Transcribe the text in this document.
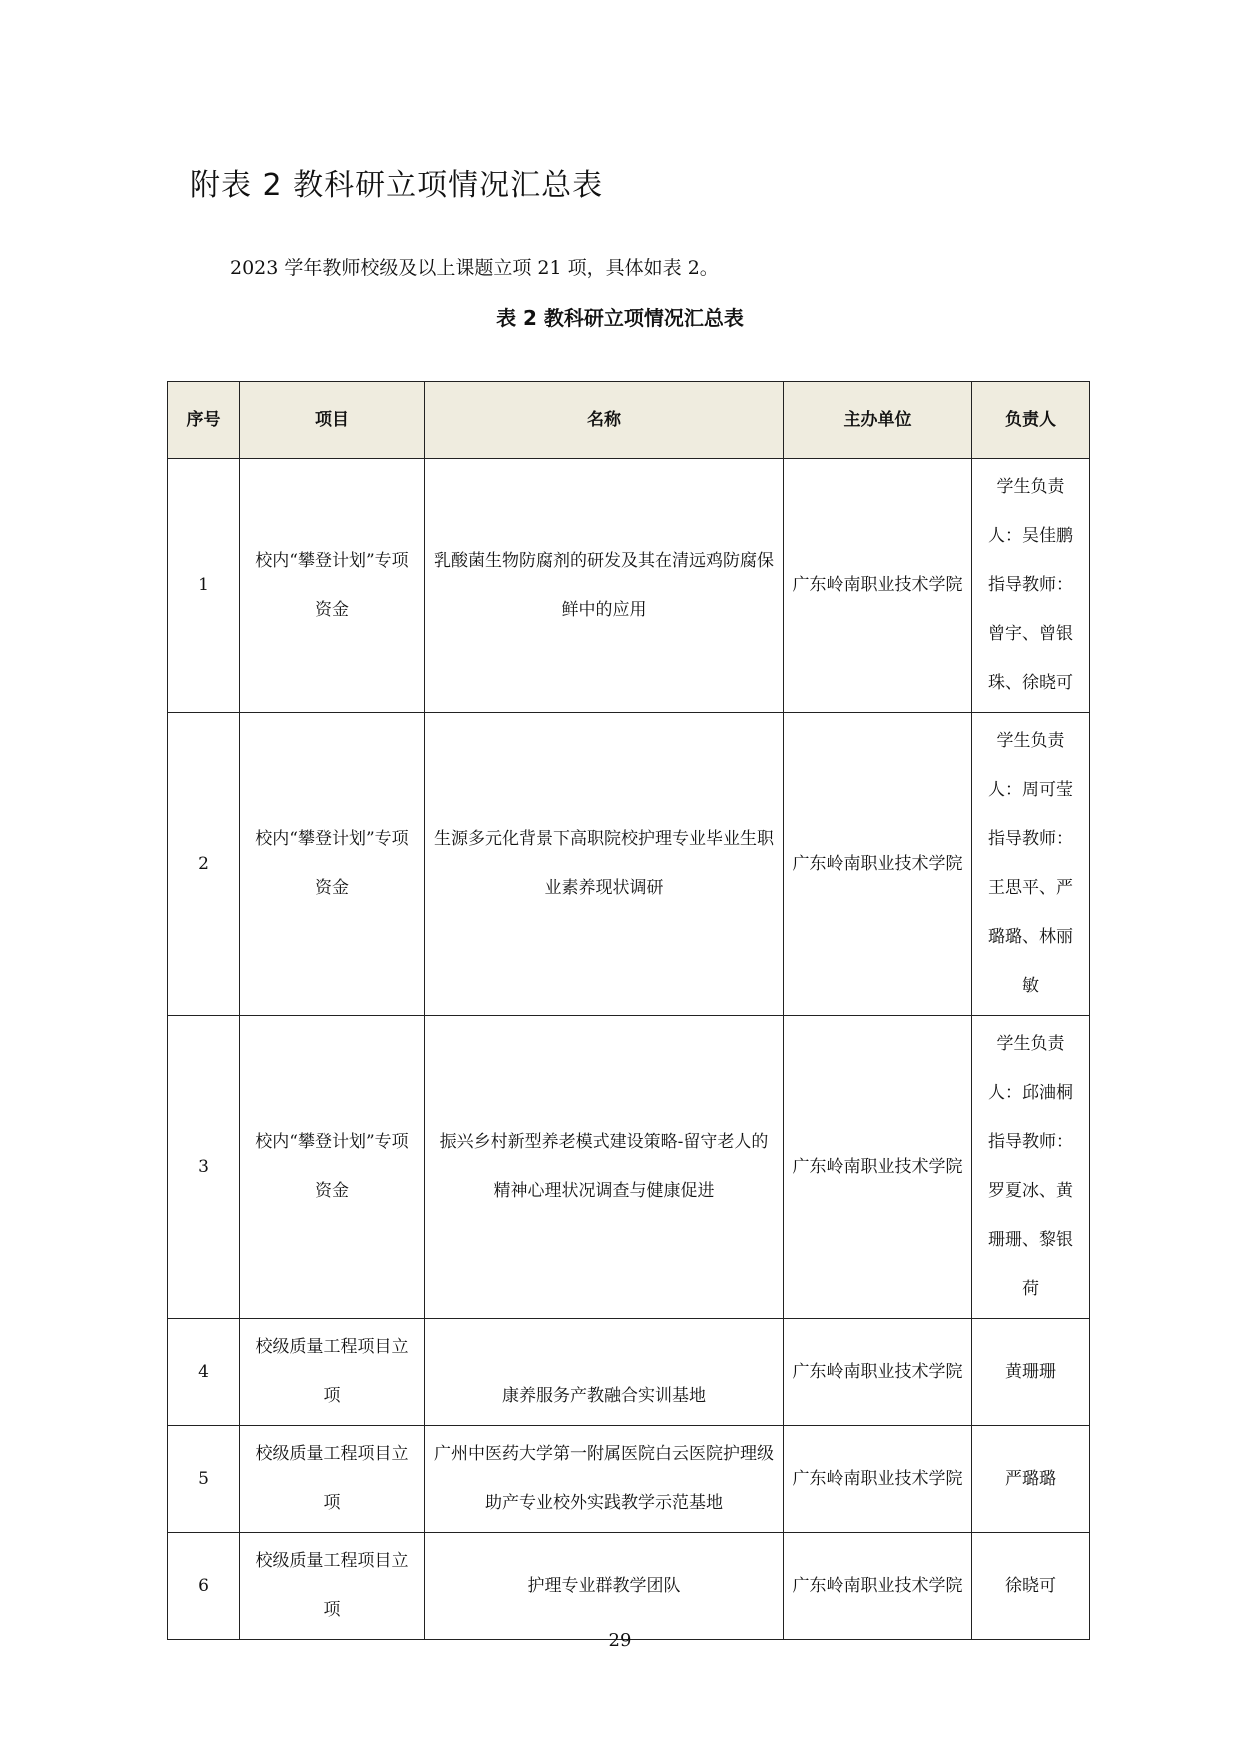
附表 2 教科研立项情况汇总表
2023 学年教师校级及以上课题立项 21 项，具体如表 2。
表 2 教科研立项情况汇总表
序号	项目	名称	主办单位	负责人
1	校内“攀登计划”专项资金	乳酸菌生物防腐剂的研发及其在清远鸡防腐保鲜中的应用	广东岭南职业技术学院	学生负责人：吴佳鹏 指导教师：曾宇、曾银珠、徐晓可
2	校内“攀登计划”专项资金	生源多元化背景下高职院校护理专业毕业生职业素养现状调研	广东岭南职业技术学院	学生负责人：周可莹 指导教师：王思平、严璐璐、林丽敏
3	校内“攀登计划”专项资金	振兴乡村新型养老模式建设策略-留守老人的精神心理状况调查与健康促进	广东岭南职业技术学院	学生负责人：邱浀桐 指导教师：罗夏冰、黄珊珊、黎银荷
4	校级质量工程项目立项	康养服务产教融合实训基地	广东岭南职业技术学院	黄珊珊
5	校级质量工程项目立项	广州中医药大学第一附属医院白云医院护理级助产专业校外实践教学示范基地	广东岭南职业技术学院	严璐璐
6	校级质量工程项目立项	护理专业群教学团队	广东岭南职业技术学院	徐晓可
29
